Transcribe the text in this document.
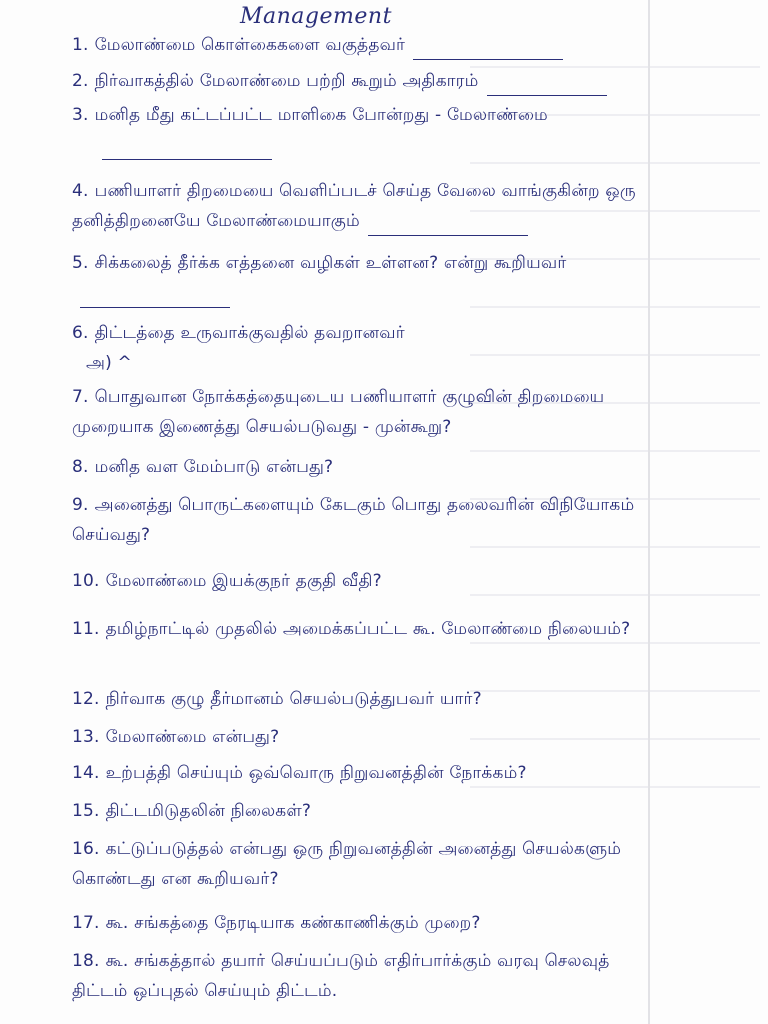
Management
1. மேலாண்மை கொள்கைகளை வகுத்தவர்
2. நிர்வாகத்தில் மேலாண்மை பற்றி கூறும் அதிகாரம்
3. மனித மீது கட்டப்பட்ட மாளிகை போன்றது - மேலாண்மை

4. பணியாளர் திறமையை வெளிப்படச் செய்த வேலை வாங்குகின்ற ஒரு தனித்திறனையே மேலாண்மையாகும்
5. சிக்கலைத் தீர்க்க எத்தனை வழிகள் உள்ளன? என்று கூறியவர்
6. திட்டத்தை உருவாக்குவதில் தவறானவர்
அ) ^
7. பொதுவான நோக்கத்தையுடைய பணியாளர் குழுவின் திறமையை முறையாக இணைத்து செயல்படுவது - முன்கூறு?
8. மனித வள மேம்பாடு என்பது?
9. அனைத்து பொருட்களையும் கேடகும் பொது தலைவரின் விநியோகம் செய்வது?
10. மேலாண்மை இயக்குநர் தகுதி வீதி?
11. தமிழ்நாட்டில் முதலில் அமைக்கப்பட்ட கூ. மேலாண்மை நிலையம்?
12. நிர்வாக குழு தீர்மானம் செயல்படுத்துபவர் யார்?
13. மேலாண்மை என்பது?
14. உற்பத்தி செய்யும் ஒவ்வொரு நிறுவனத்தின் நோக்கம்?
15. திட்டமிடுதலின் நிலைகள்?
16. கட்டுப்படுத்தல் என்பது ஒரு நிறுவனத்தின் அனைத்து செயல்களும் கொண்டது என கூறியவர்?
17. கூ. சங்கத்தை நேரடியாக கண்காணிக்கும் முறை?
18. கூ. சங்கத்தால் தயார் செய்யப்படும் எதிர்பார்க்கும் வரவு செலவுத் திட்டம் ஒப்புதல் செய்யும் திட்டம்.
